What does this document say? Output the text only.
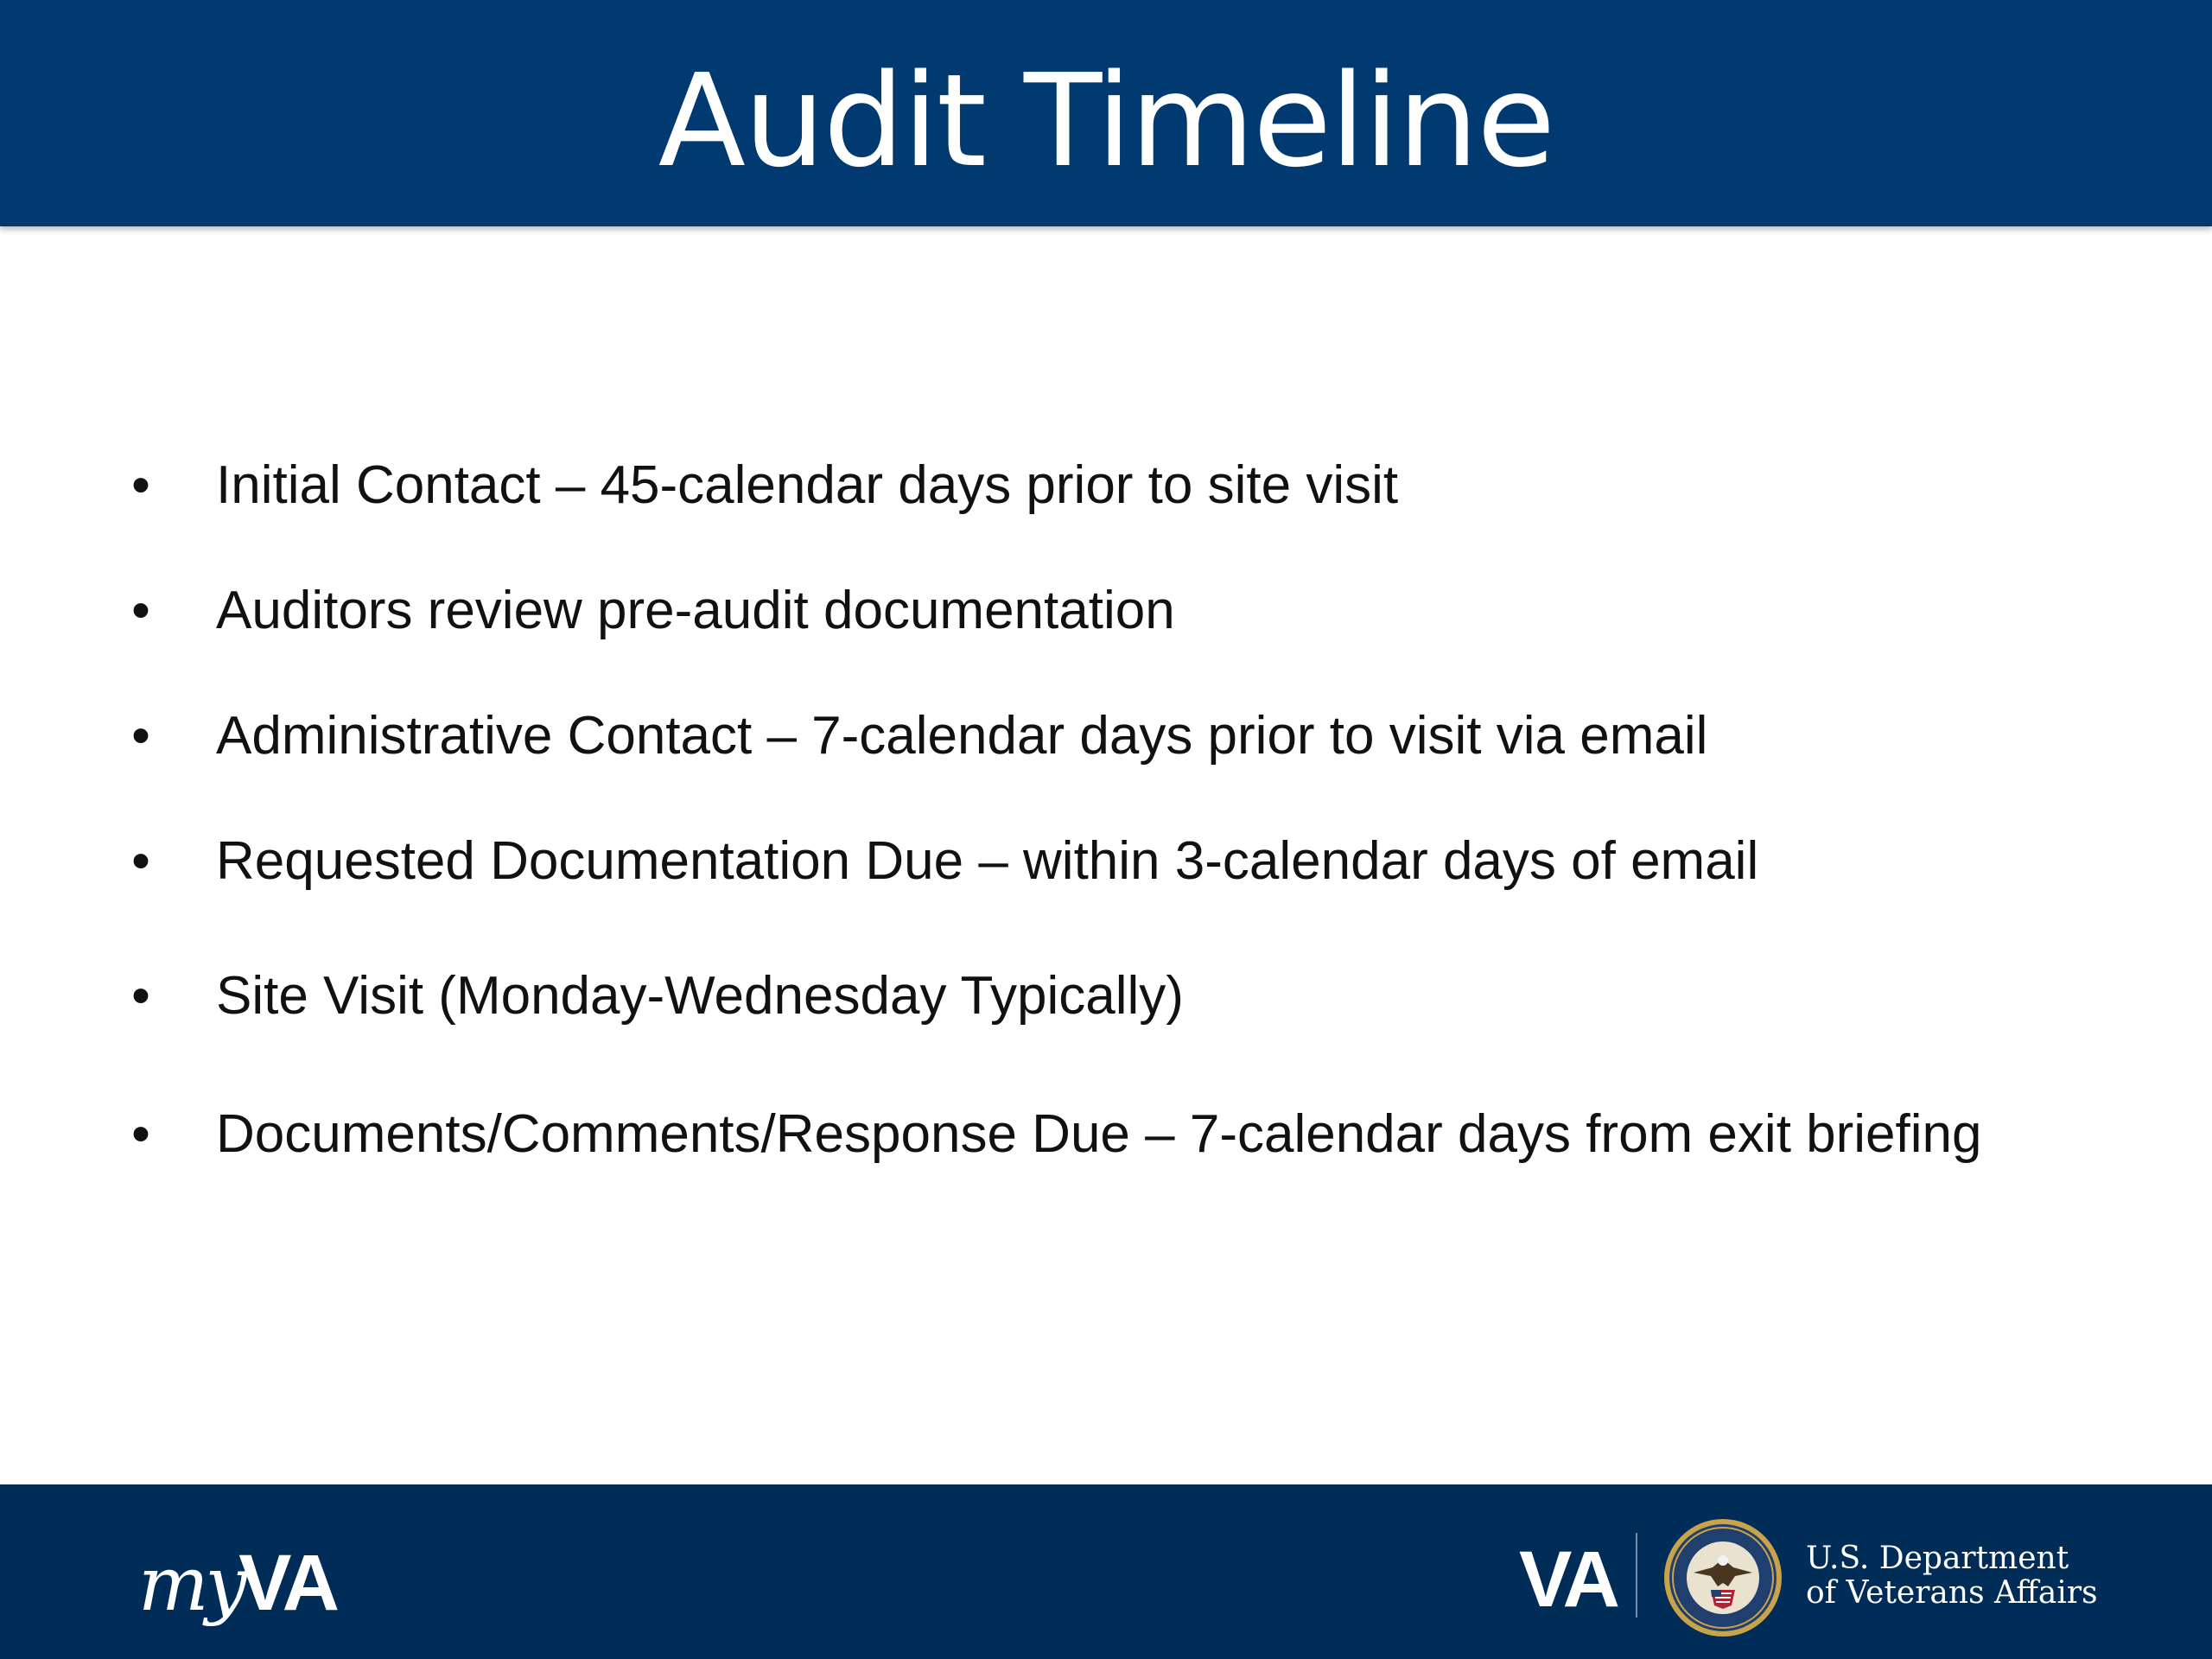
Audit Timeline
• Initial Contact – 45-calendar days prior to site visit
• Auditors review pre-audit documentation
• Administrative Contact – 7-calendar days prior to visit via email
• Requested Documentation Due – within 3-calendar days of email
• Site Visit (Monday-Wednesday Typically)
• Documents/Comments/Response Due – 7-calendar days from exit briefing
myVA	VA	U.S. Department
of Veterans Affairs
